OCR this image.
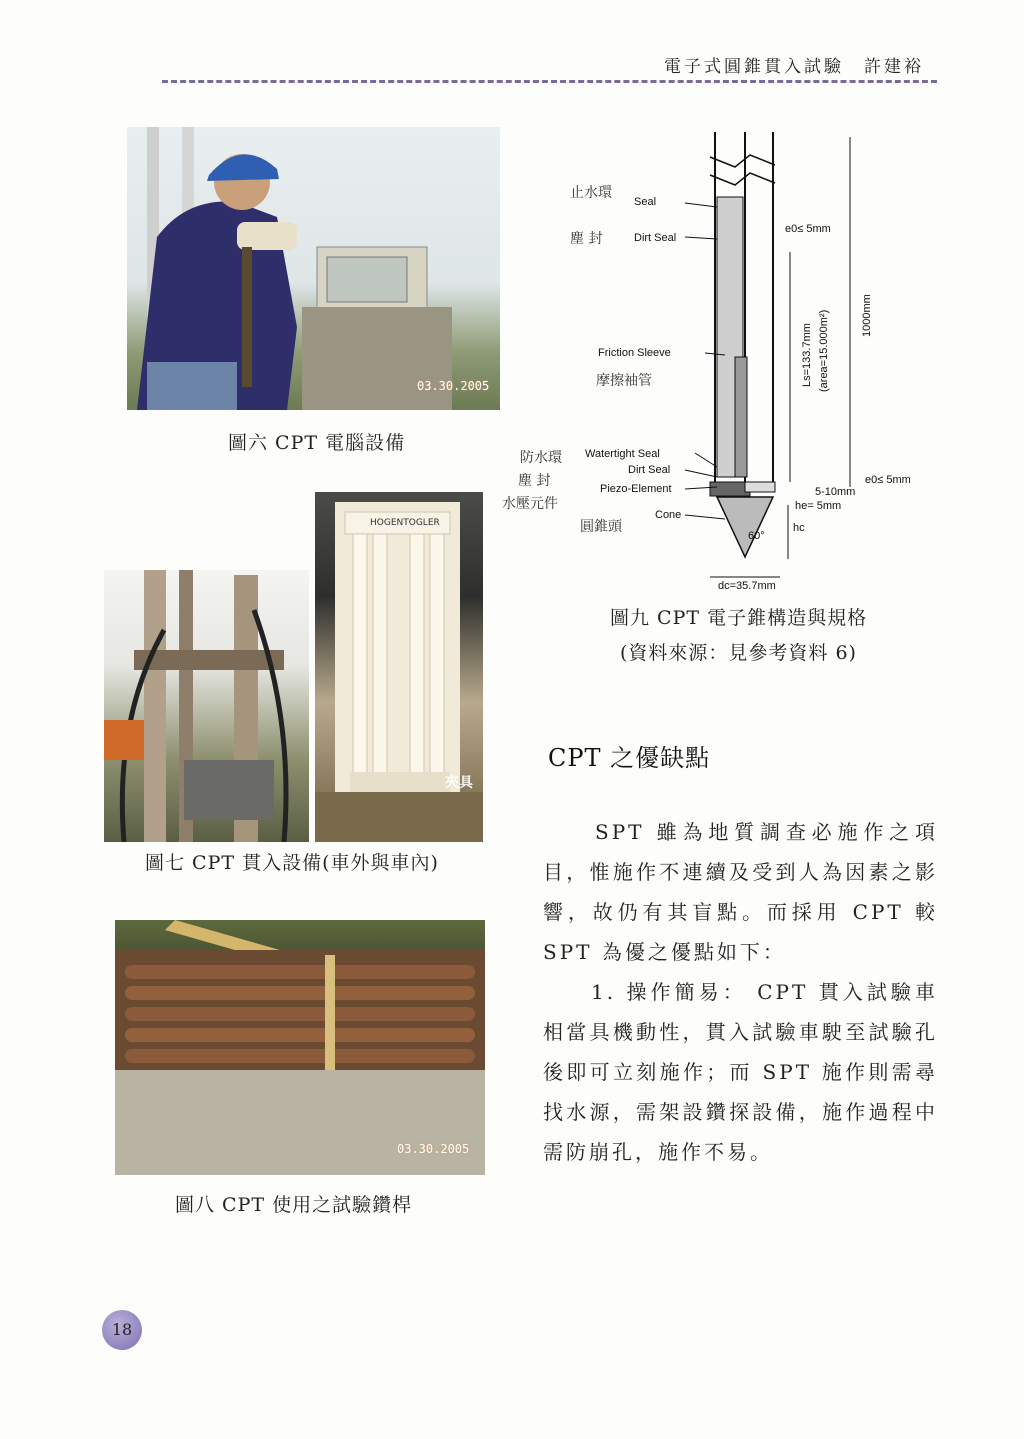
電子式圓錐貫入試驗　許建裕
03.30.2005
圖六 CPT 電腦設備
HOGENTOGLER
夾具
圖七 CPT 貫入設備(車外與車內)
03.30.2005
圖八 CPT 使用之試驗鑽桿
止水環
塵 封
摩擦袖管
防水環
塵 封
水壓元件
圓錐頭
Seal
Dirt Seal
Friction Sleeve
Watertight Seal
Dirt Seal
Piezo-Element
Cone
e0≤ 5mm
Ls=133.7mm (area=15.000m²)	1000mm
e0≤ 5mm
5-10mm
he= 5mm
hc
60°
dc=35.7mm
圖九 CPT 電子錐構造與規格
(資料來源：見參考資料 6)
CPT 之優缺點
SPT 雖為地質調查必施作之項目，惟施作不連續及受到人為因素之影響，故仍有其盲點。而採用 CPT 較 SPT 為優之優點如下：
1. 操作簡易： CPT 貫入試驗車相當具機動性，貫入試驗車駛至試驗孔後即可立刻施作；而 SPT 施作則需尋找水源，需架設鑽探設備，施作過程中需防崩孔，施作不易。
18
